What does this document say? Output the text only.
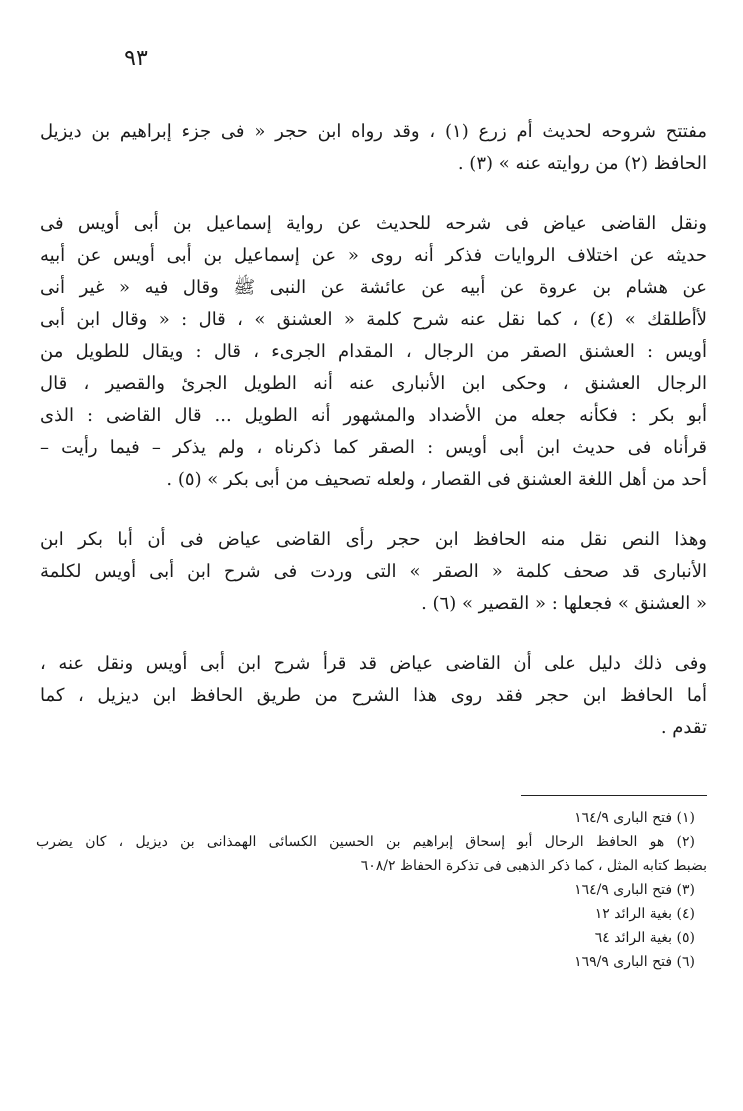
٩٣
مفتتح شروحه لحديث أم زرع (١) ، وقد رواه ابن حجر « فى جزء إبراهيم بن ديزيل
الحافظ (٢) من روايته عنه » (٣) .
ونقل القاضى عياض فى شرحه للحديث عن رواية إسماعيل بن أبى أويس فى
حديثه عن اختلاف الروايات فذكر أنه روى « عن إسماعيل بن أبى أويس عن أبيه
عن هشام بن عروة عن أبيه عن عائشة عن النبى ﷺ وقال فيه « غير أنى
لأأطلقك » (٤) ، كما نقل عنه شرح كلمة « العشنق » ، قال : « وقال ابن أبى
أويس : العشنق الصقر من الرجال ، المقدام الجرىء ، قال : ويقال للطويل من
الرجال العشنق ، وحكى ابن الأنبارى عنه أنه الطويل الجرئ والقصير ، قال
أبو بكر : فكأنه جعله من الأضداد والمشهور أنه الطويل ... قال القاضى : الذى
قرأناه فى حديث ابن أبى أويس : الصقر كما ذكرناه ، ولم يذكر – فيما رأيت –
أحد من أهل اللغة العشنق فى القصار ، ولعله تصحيف من أبى بكر » (٥) .
وهذا النص نقل منه الحافظ ابن حجر رأى القاضى عياض فى أن أبا بكر ابن
الأنبارى قد صحف كلمة « الصقر » التى وردت فى شرح ابن أبى أويس لكلمة
« العشنق » فجعلها : « القصير » (٦) .
وفى ذلك دليل على أن القاضى عياض قد قرأ شرح ابن أبى أويس ونقل عنه ،
أما الحافظ ابن حجر فقد روى هذا الشرح من طريق الحافظ ابن ديزيل ، كما
تقدم .
(١) فتح البارى ١٦٤/٩
(٢) هو الحافظ الرحال أبو إسحاق إبراهيم بن الحسين الكسائى الهمذانى بن ديزيل ، كان يضرب
بضبط كتابه المثل ، كما ذكر الذهبى فى تذكرة الحفاظ ٦٠٨/٢
(٣) فتح البارى ١٦٤/٩
(٤) بغية الرائد ١٢
(٥) بغية الرائد ٦٤
(٦) فتح البارى ١٦٩/٩
